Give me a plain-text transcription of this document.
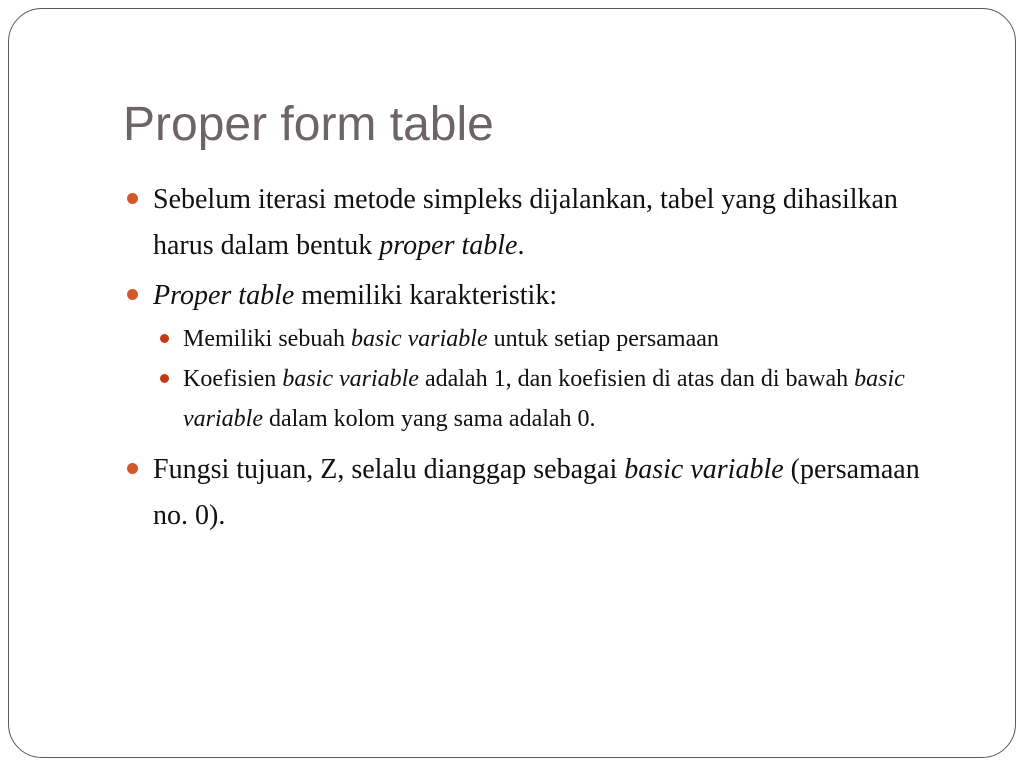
Proper form table
Sebelum iterasi metode simpleks dijalankan, tabel yang dihasilkan harus dalam bentuk proper table.
Proper table memiliki karakteristik:
Memiliki sebuah basic variable untuk setiap persamaan
Koefisien basic variable adalah 1, dan koefisien di atas dan di bawah basic variable dalam kolom yang sama adalah 0.
Fungsi tujuan, Z, selalu dianggap sebagai basic variable (persamaan no. 0).
